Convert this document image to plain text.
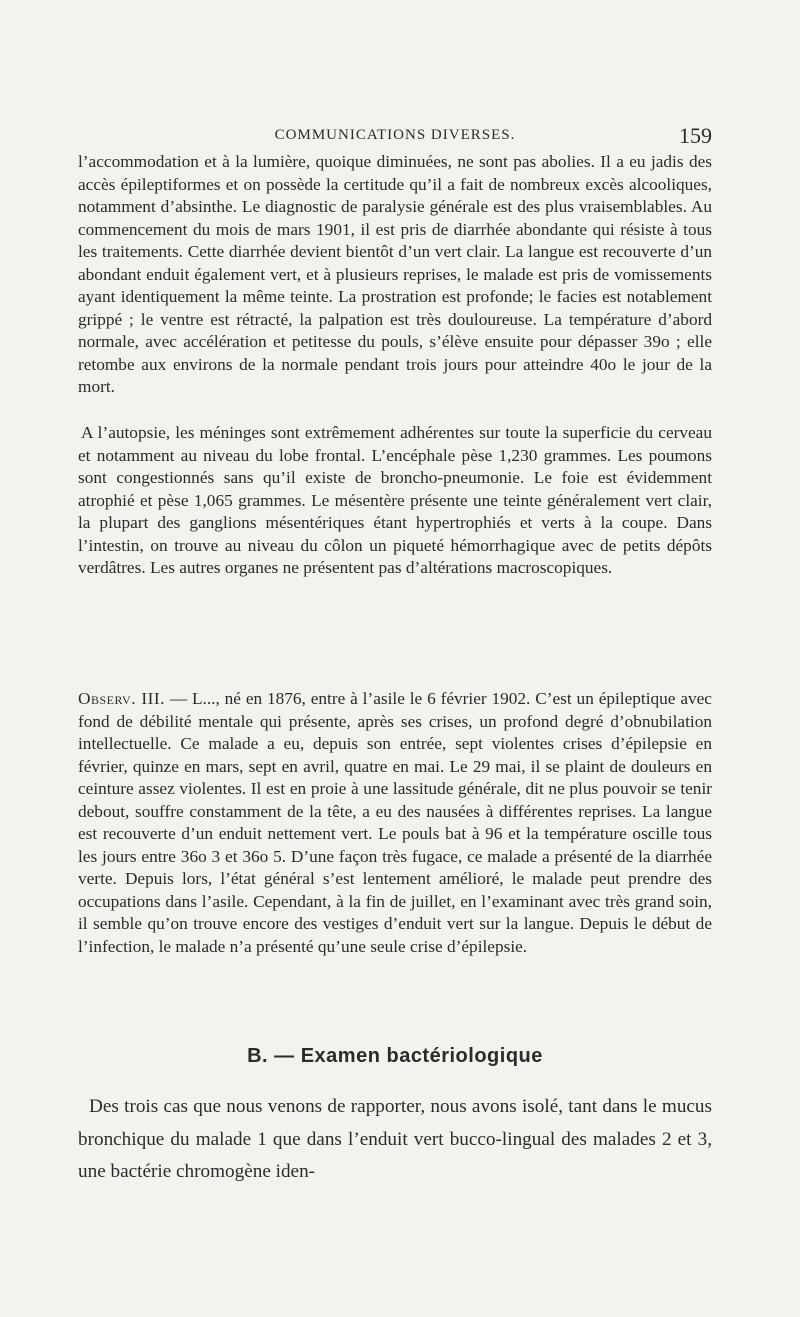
COMMUNICATIONS DIVERSES.	159

l’accommodation et à la lumière, quoique diminuées, ne sont pas abolies. Il a eu jadis des accès épileptiformes et on possède la certitude qu’il a fait de nombreux excès alcooliques, notamment d’absinthe. Le diagnostic de paralysie générale est des plus vraisemblables. Au commencement du mois de mars 1901, il est pris de diarrhée abondante qui résiste à tous les traitements. Cette diarrhée devient bientôt d’un vert clair. La langue est recouverte d’un abondant enduit également vert, et à plusieurs reprises, le malade est pris de vomissements ayant identiquement la même teinte. La prostration est profonde; le facies est notablement grippé ; le ventre est rétracté, la palpation est très douloureuse. La température d’abord normale, avec accélération et petitesse du pouls, s’élève ensuite pour dépasser 39o ; elle retombe aux environs de la normale pendant trois jours pour atteindre 40o le jour de la mort.

A l’autopsie, les méninges sont extrêmement adhérentes sur toute la superficie du cerveau et notamment au niveau du lobe frontal. L’encéphale pèse 1,230 grammes. Les poumons sont congestionnés sans qu’il existe de broncho-pneumonie. Le foie est évidemment atrophié et pèse 1,065 grammes. Le mésentère présente une teinte généralement vert clair, la plupart des ganglions mésentériques étant hypertrophiés et verts à la coupe. Dans l’intestin, on trouve au niveau du côlon un piqueté hémorrhagique avec de petits dépôts verdâtres. Les autres organes ne présentent pas d’altérations macroscopiques.

Observ. III. — L..., né en 1876, entre à l’asile le 6 février 1902. C’est un épileptique avec fond de débilité mentale qui présente, après ses crises, un profond degré d’obnubilation intellectuelle. Ce malade a eu, depuis son entrée, sept violentes crises d’épilepsie en février, quinze en mars, sept en avril, quatre en mai. Le 29 mai, il se plaint de douleurs en ceinture assez violentes. Il est en proie à une lassitude générale, dit ne plus pouvoir se tenir debout, souffre constamment de la tête, a eu des nausées à différentes reprises. La langue est recouverte d’un enduit nettement vert. Le pouls bat à 96 et la température oscille tous les jours entre 36o 3 et 36o 5. D’une façon très fugace, ce malade a présenté de la diarrhée verte. Depuis lors, l’état général s’est lentement amélioré, le malade peut prendre des occupations dans l’asile. Cependant, à la fin de juillet, en l’examinant avec très grand soin, il semble qu’on trouve encore des vestiges d’enduit vert sur la langue. Depuis le début de l’infection, le malade n’a présenté qu’une seule crise d’épilepsie.

B. — Examen bactériologique

Des trois cas que nous venons de rapporter, nous avons isolé, tant dans le mucus bronchique du malade 1 que dans l’enduit vert bucco-lingual des malades 2 et 3, une bactérie chromogène iden-
